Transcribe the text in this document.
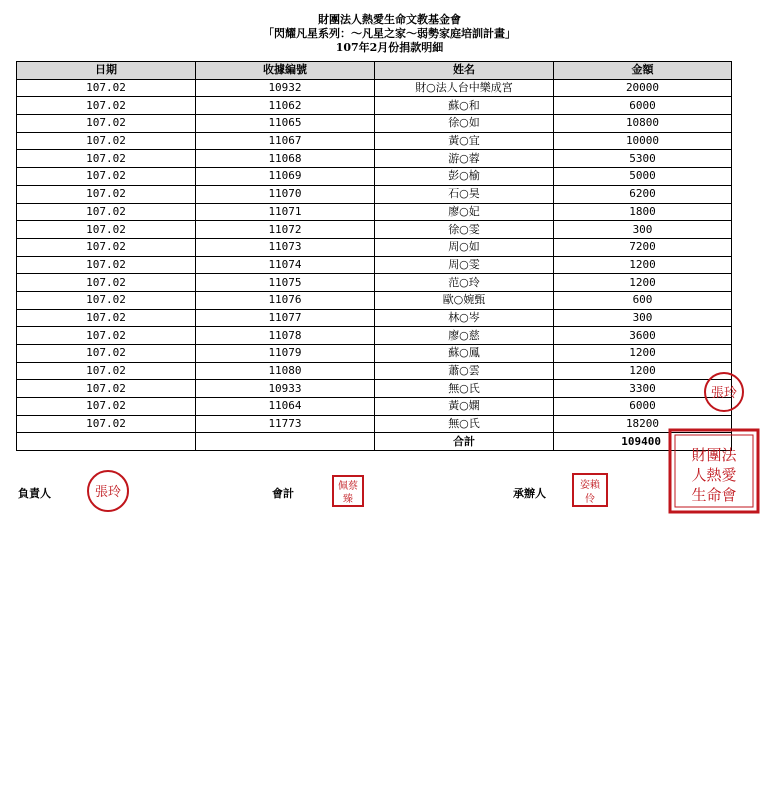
財團法人熱愛生命文教基金會
「閃耀凡星系列：～凡星之家～弱勢家庭培訓計畫」
107年2月份捐款明細
日期	收據編號	姓名	金額
107.02	10932	財○法人台中樂成宮	20000
107.02	11062	蘇○和	6000
107.02	11065	徐○如	10800
107.02	11067	黃○宜	10000
107.02	11068	游○蓉	5300
107.02	11069	彭○榆	5000
107.02	11070	石○昊	6200
107.02	11071	廖○妃	1800
107.02	11072	徐○雯	300
107.02	11073	周○如	7200
107.02	11074	周○雯	1200
107.02	11075	范○玲	1200
107.02	11076	歐○婉甄	600
107.02	11077	林○岑	300
107.02	11078	廖○慈	3600
107.02	11079	蘇○鳳	1200
107.02	11080	蕭○雲	1200
107.02	10933	無○氏	3300
107.02	11064	黃○嫻	6000
107.02	11773	無○氏	18200
		合計	109400
負責人	會計	承辦人
張玲
張玲	佩蔡
臻
姿賴
伶
財團法
人熱愛
生命會
